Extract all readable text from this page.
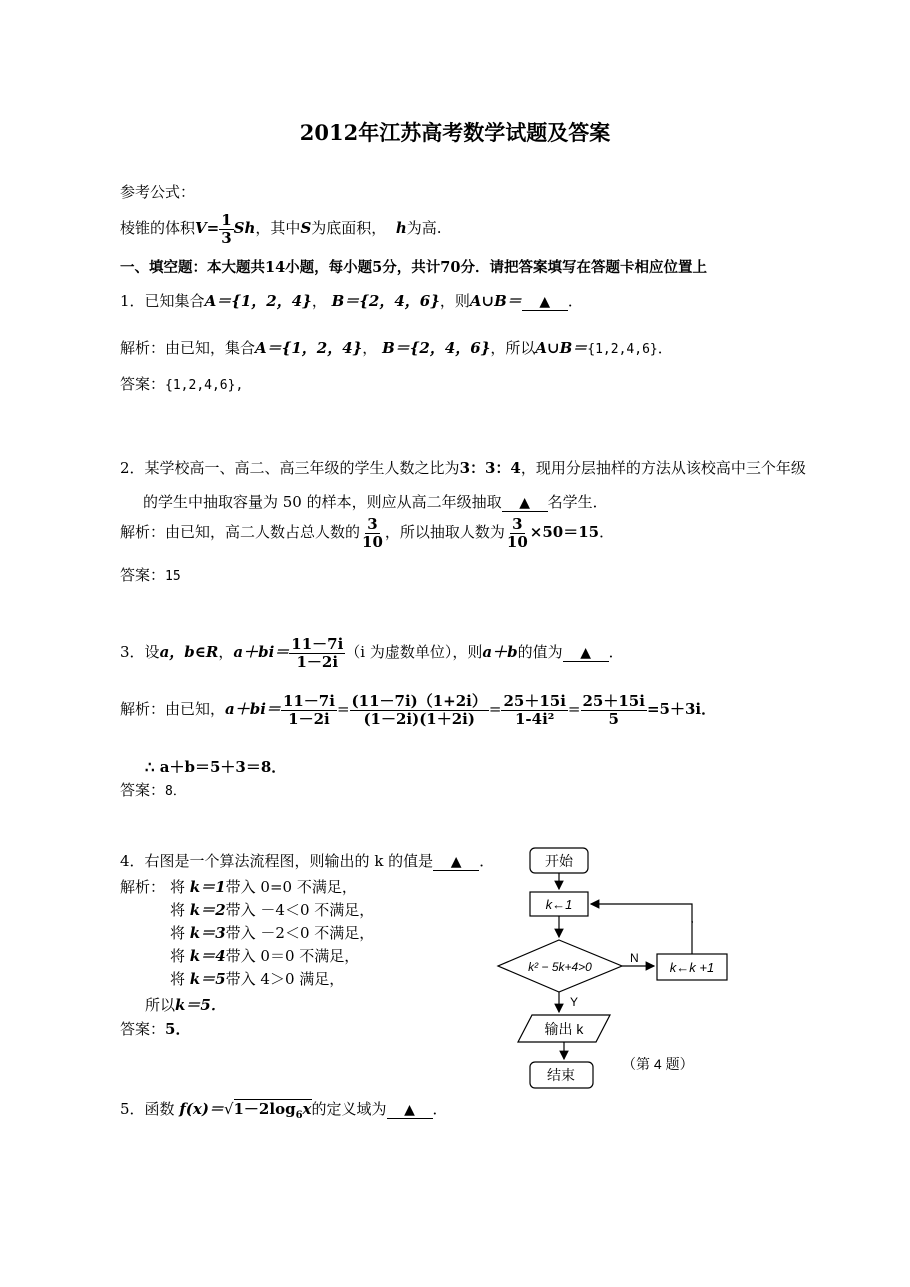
2012年江苏高考数学试题及答案
参考公式：
棱锥的体积$V= \frac{1}{3}$ Sh，其中S为底面积， h为高.
一、填空题：本大题共14小题，每小题5分，共计70分．请把答案填写在答题卡相应位置上
1．已知集合A＝{1，2，4}， B＝{2，4，6}，则A∪B＝ ▲ ．
解析：由已知，集合A＝{1，2，4}， B＝{2，4，6}，所以A∪B＝{1,2,4,6}．
答案：{1,2,4,6},
2．某学校高一、高二、高三年级的学生人数之比为3：3：4，现用分层抽样的方法从该校高中三个年级
的学生中抽取容量为 50 的样本，则应从高二年级抽取 ▲ 名学生．
解析：由已知，高二人数占总人数的 $\frac{3}{10}$ ，所以抽取人数为 $\frac{3}{10} \times 50=15$．
答案：15
3．设a，b∈R，$a+bi= \frac{11-7i}{1-2i} (i$ 为虚数单位），则a＋b的值为 ▲ ．
解析：由已知，$a+bi= \frac{11-7i}{1-2i} = \frac{(11-7i)(1+2i)}{(1-2i)(1+2i)} = \frac{25+15i}{\text{1-4i²}} = \frac{25+15i}{5} =5+3i$．
∴ a＋b＝5＋3＝8．
答案：8．
4．右图是一个算法流程图，则输出的 k 的值是 ▲ ．
解析： 将 k＝1带入 0=0 不满足，
将 k＝2带入 －4＜0 不满足，
将 k＝3带入 －2＜0 不满足，
将 k＝4带入 0＝0 不满足，
将 k＝5带入 4＞0 满足，
所以k＝5．
答案：5．
开始
k←1
k² − 5k+4>0
N
k←k +1
Y
输出 k
结束
（第 4 题）
5．函数 $f(x)=√1-2\log_6x$的定义域为 ▲ ．
